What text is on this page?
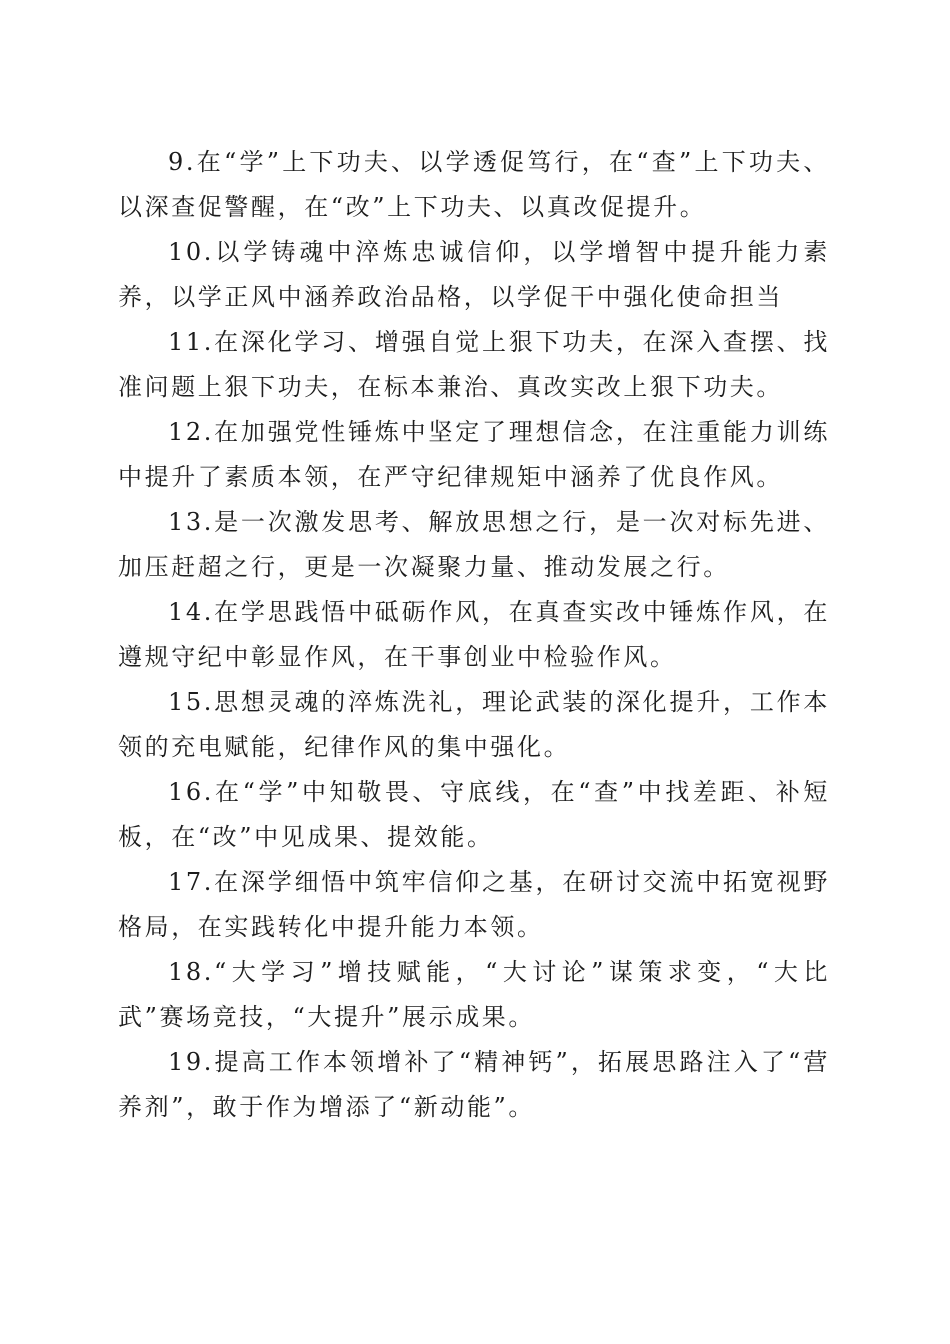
9.在“学”上下功夫、以学透促笃行，在“查”上下功夫、以深查促警醒，在“改”上下功夫、以真改促提升。

10.以学铸魂中淬炼忠诚信仰，以学增智中提升能力素养，以学正风中涵养政治品格，以学促干中强化使命担当

11.在深化学习、增强自觉上狠下功夫，在深入查摆、找准问题上狠下功夫，在标本兼治、真改实改上狠下功夫。

12.在加强党性锤炼中坚定了理想信念，在注重能力训练中提升了素质本领，在严守纪律规矩中涵养了优良作风。

13.是一次激发思考、解放思想之行，是一次对标先进、加压赶超之行，更是一次凝聚力量、推动发展之行。

14.在学思践悟中砥砺作风，在真查实改中锤炼作风，在遵规守纪中彰显作风，在干事创业中检验作风。

15.思想灵魂的淬炼洗礼，理论武装的深化提升，工作本领的充电赋能，纪律作风的集中强化。

16.在“学”中知敬畏、守底线，在“查”中找差距、补短板，在“改”中见成果、提效能。

17.在深学细悟中筑牢信仰之基，在研讨交流中拓宽视野格局，在实践转化中提升能力本领。

18.“大学习”增技赋能，“大讨论”谋策求变，“大比武”赛场竞技，“大提升”展示成果。

19.提高工作本领增补了“精神钙”，拓展思路注入了“营养剂”，敢于作为增添了“新动能”。
